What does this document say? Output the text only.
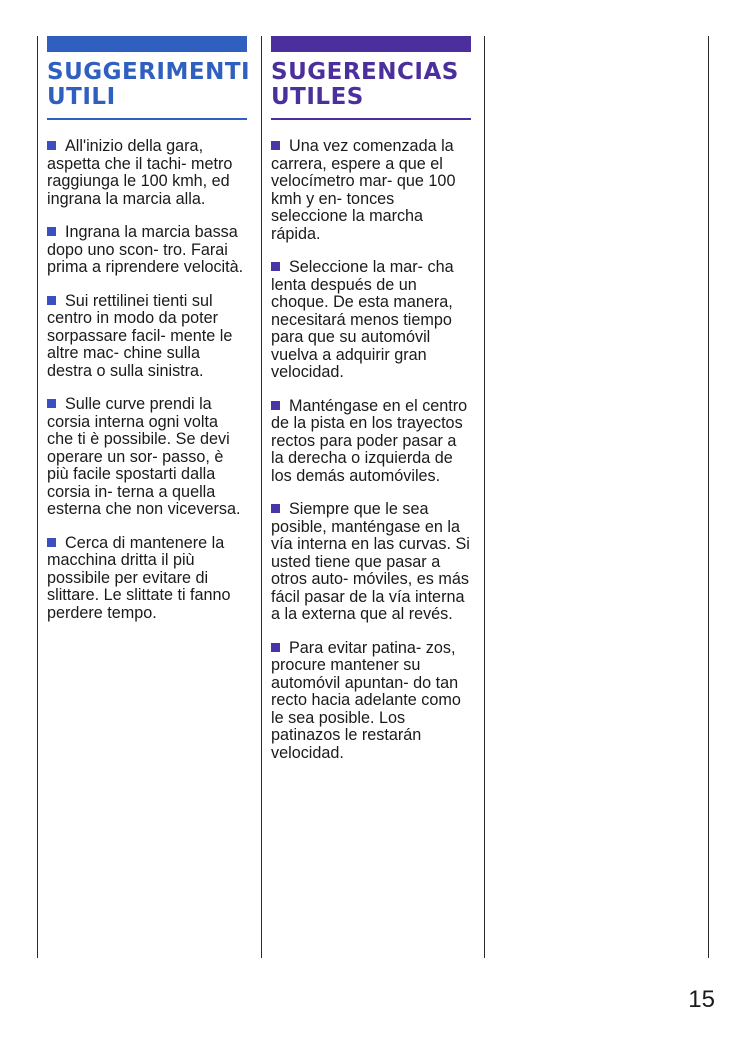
SUGGERIMENTI
UTILI
All'inizio della gara, aspetta che il tachi- metro raggiunga le 100 kmh, ed ingrana la marcia alla.
Ingrana la marcia bassa dopo uno scon- tro. Farai prima a riprendere velocità.
Sui rettilinei tienti sul centro in modo da poter sorpassare facil- mente le altre mac- chine sulla destra o sulla sinistra.
Sulle curve prendi la corsia interna ogni volta che ti è possibile. Se devi operare un sor- passo, è più facile spostarti dalla corsia in- terna a quella esterna che non viceversa.
Cerca di mantenere la macchina dritta il più possibile per evitare di slittare. Le slittate ti fanno perdere tempo.
SUGERENCIAS
UTILES
Una vez comenzada la carrera, espere a que el velocímetro mar- que 100 kmh y en- tonces seleccione la marcha rápida.
Seleccione la mar- cha lenta después de un choque. De esta manera, necesitará menos tiempo para que su automóvil vuelva a adquirir gran velocidad.
Manténgase en el centro de la pista en los trayectos rectos para poder pasar a la derecha o izquierda de los demás automóviles.
Siempre que le sea posible, manténgase en la vía interna en las curvas. Si usted tiene que pasar a otros auto- móviles, es más fácil pasar de la vía interna a la externa que al revés.
Para evitar patina- zos, procure mantener su automóvil apuntan- do tan recto hacia adelante como le sea posible. Los patinazos le restarán velocidad.
15
